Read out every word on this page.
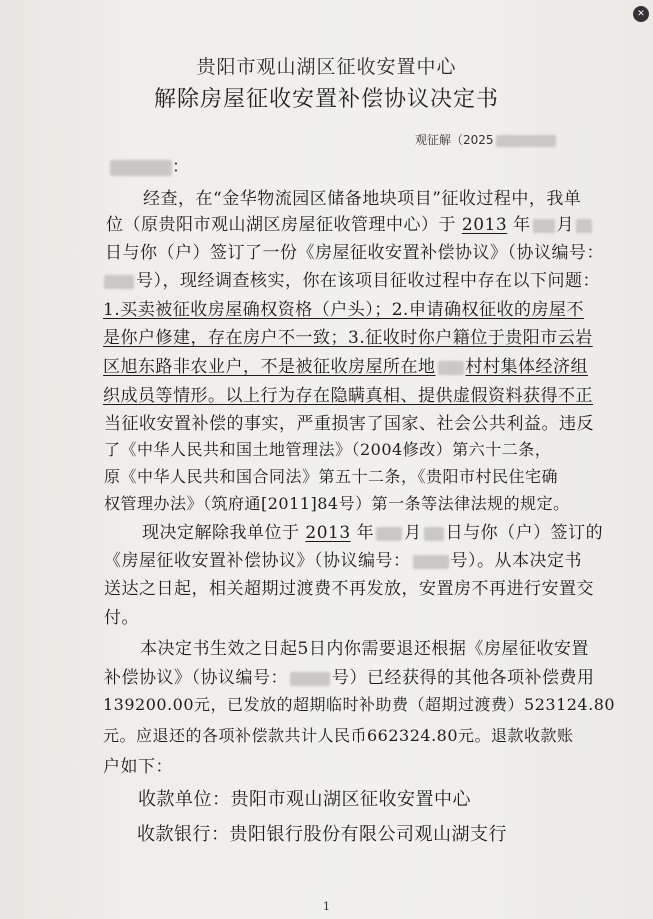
✕
贵阳市观山湖区征收安置中心
解除房屋征收安置补偿协议决定书
观征解（2025
：
经查，在“金华物流园区储备地块项目”征收过程中，我单
位（原贵阳市观山湖区房屋征收管理中心）于 2013 年 月
日与你（户）签订了一份《房屋征收安置补偿协议》（协议编号：
号），现经调查核实，你在该项目征收过程中存在以下问题：
1.买卖被征收房屋确权资格（户头）；2.申请确权征收的房屋不
是你户修建，存在房户不一致；3.征收时你户籍位于贵阳市云岩
区旭东路非农业户，不是被征收房屋所在地 村村集体经济组
织成员等情形。以上行为存在隐瞒真相、提供虚假资料获得不正
当征收安置补偿的事实，严重损害了国家、社会公共利益。违反
了《中华人民共和国土地管理法》（2004修改）第六十二条，
原《中华人民共和国合同法》第五十二条，《贵阳市村民住宅确
权管理办法》（筑府通[2011]84号）第一条等法律法规的规定。
现决定解除我单位于 2013 年 月 日与你（户）签订的
《房屋征收安置补偿协议》（协议编号： 号）。从本决定书
送达之日起，相关超期过渡费不再发放，安置房不再进行安置交
付。
本决定书生效之日起5日内你需要退还根据《房屋征收安置
补偿协议》（协议编号：	号）已经获得的其他各项补偿费用
139200.00元，已发放的超期临时补助费（超期过渡费）523124.80
元。应退还的各项补偿款共计人民币662324.80元。退款收款账
户如下：
收款单位：贵阳市观山湖区征收安置中心
收款银行：贵阳银行股份有限公司观山湖支行
1
